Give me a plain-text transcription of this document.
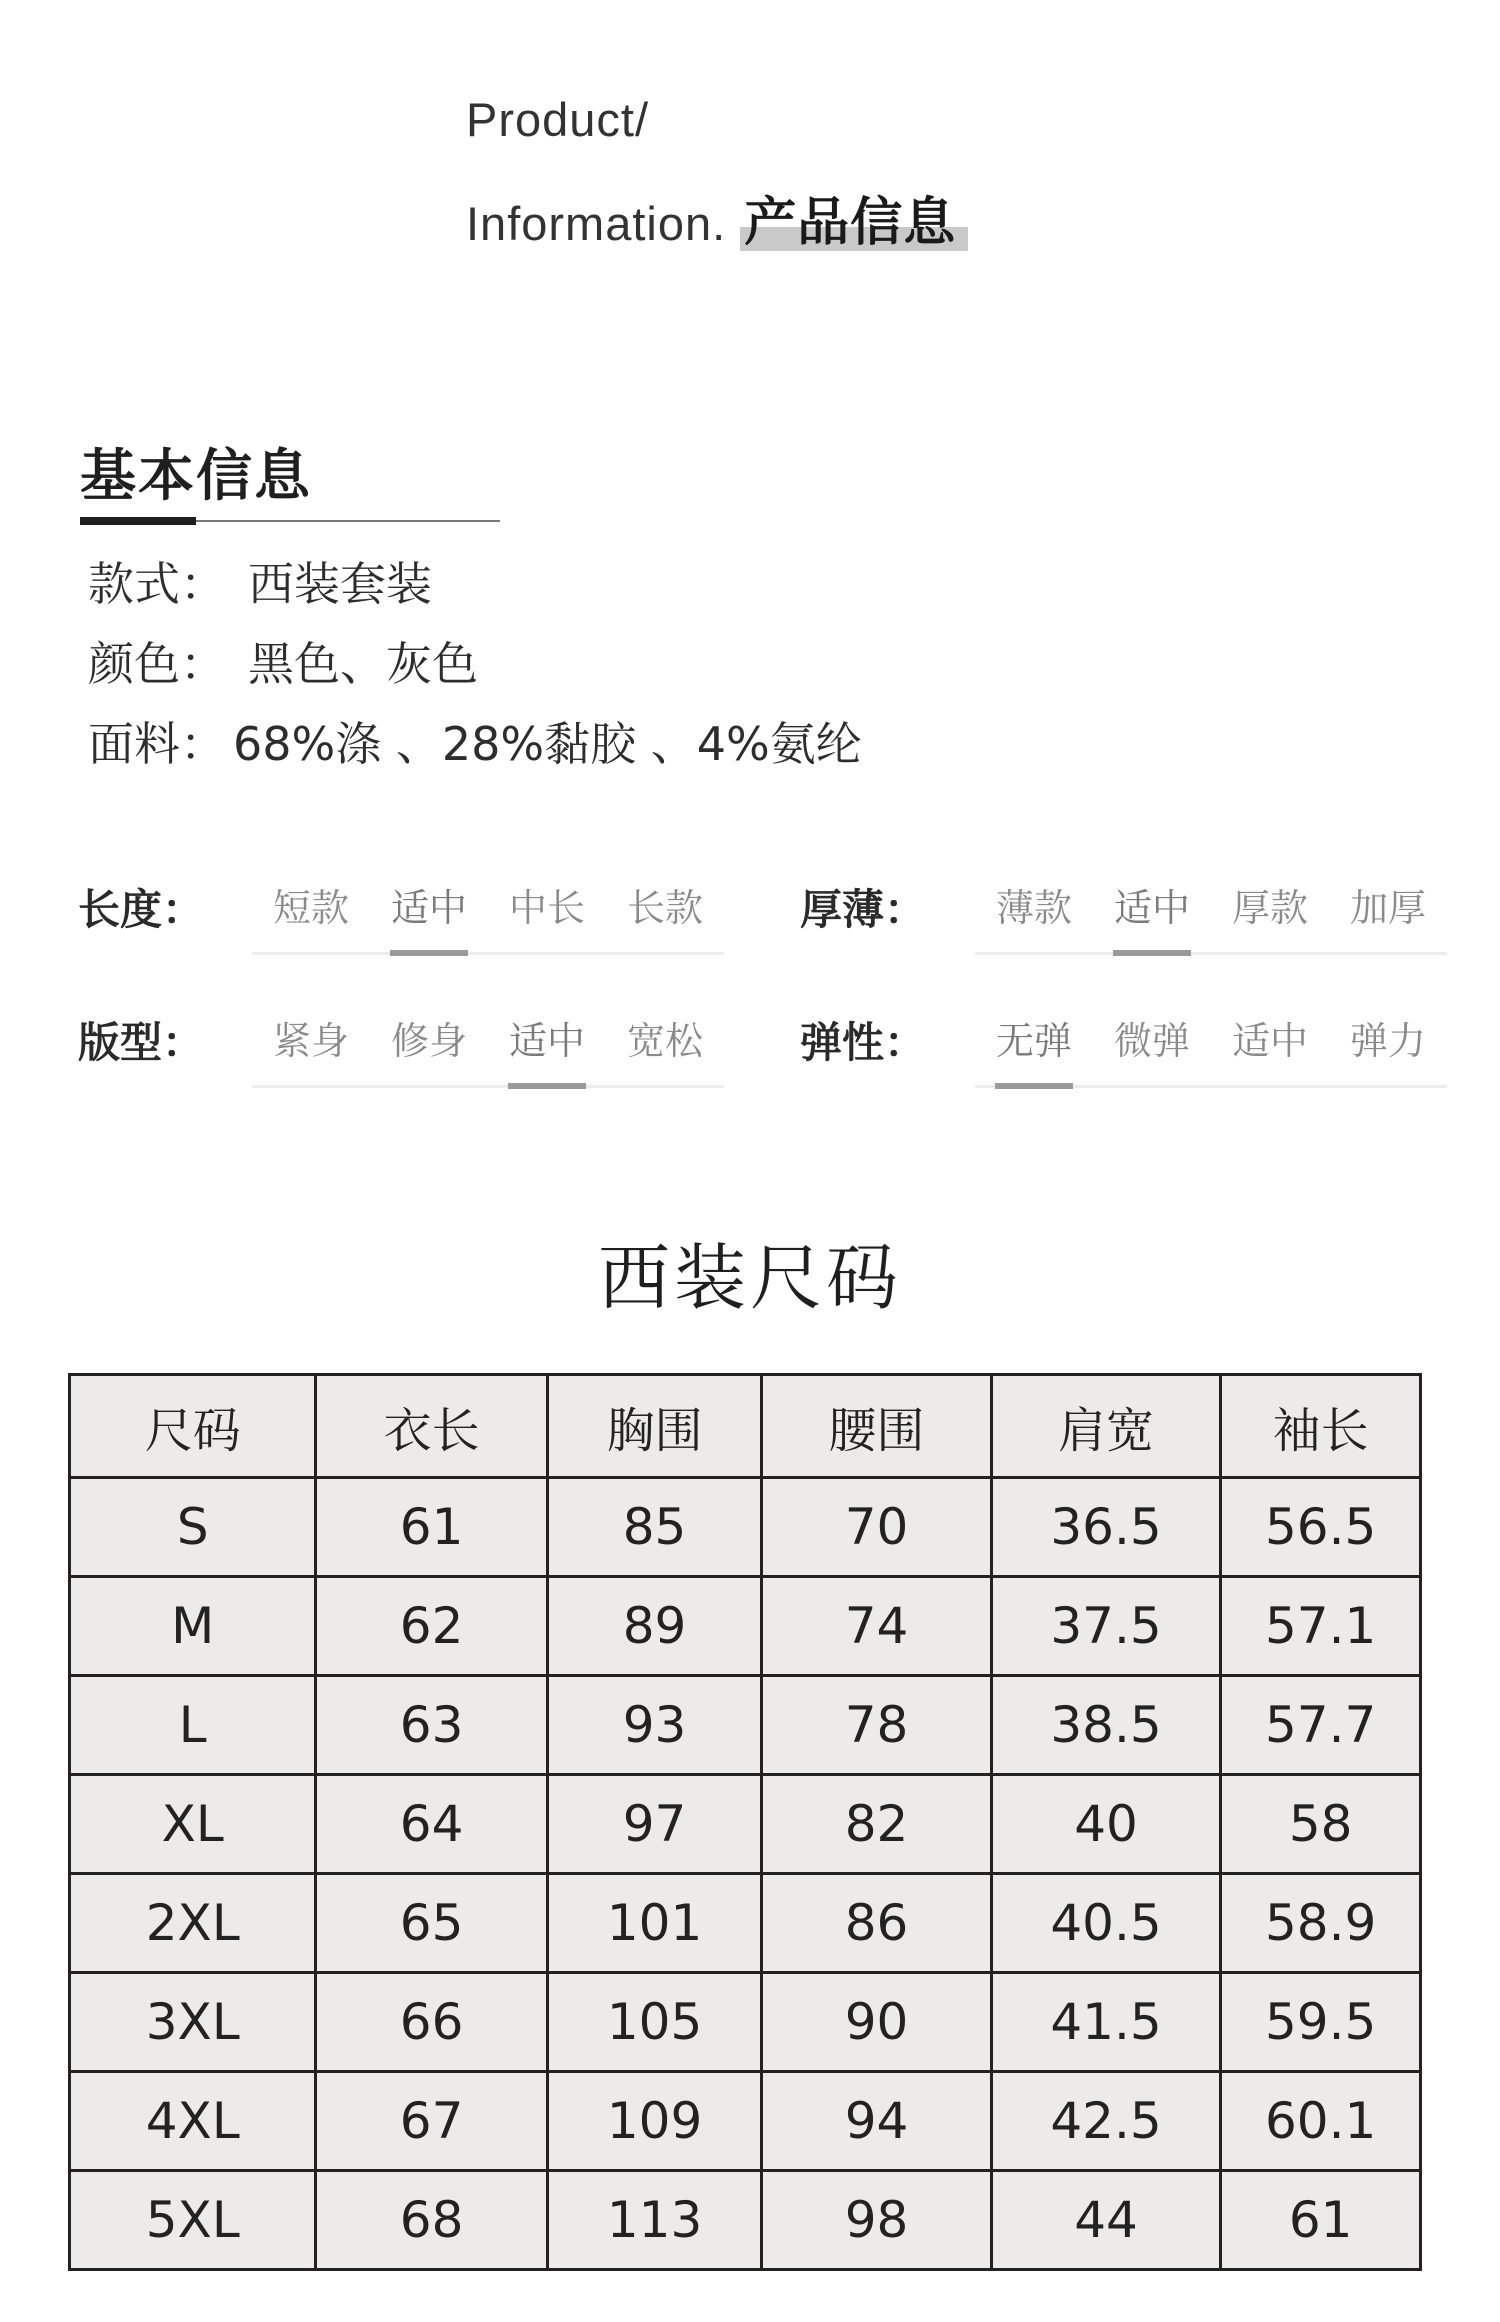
Product/
Information. 产品信息
基本信息
款式： 西装套装
颜色： 黑色、灰色
面料： 68%涤 、28%黏胶 、4%氨纶
长度：	短款	适中	中长	长款	厚薄：	薄款	适中	厚款	加厚
版型：	紧身	修身	适中	宽松	弹性：	无弹	微弹	适中	弹力
西装尺码
尺码	衣长	胸围	腰围	肩宽	袖长
S	61	85	70	36.5	56.5
M	62	89	74	37.5	57.1
L	63	93	78	38.5	57.7
XL	64	97	82	40	58
2XL	65	101	86	40.5	58.9
3XL	66	105	90	41.5	59.5
4XL	67	109	94	42.5	60.1
5XL	68	113	98	44	61
